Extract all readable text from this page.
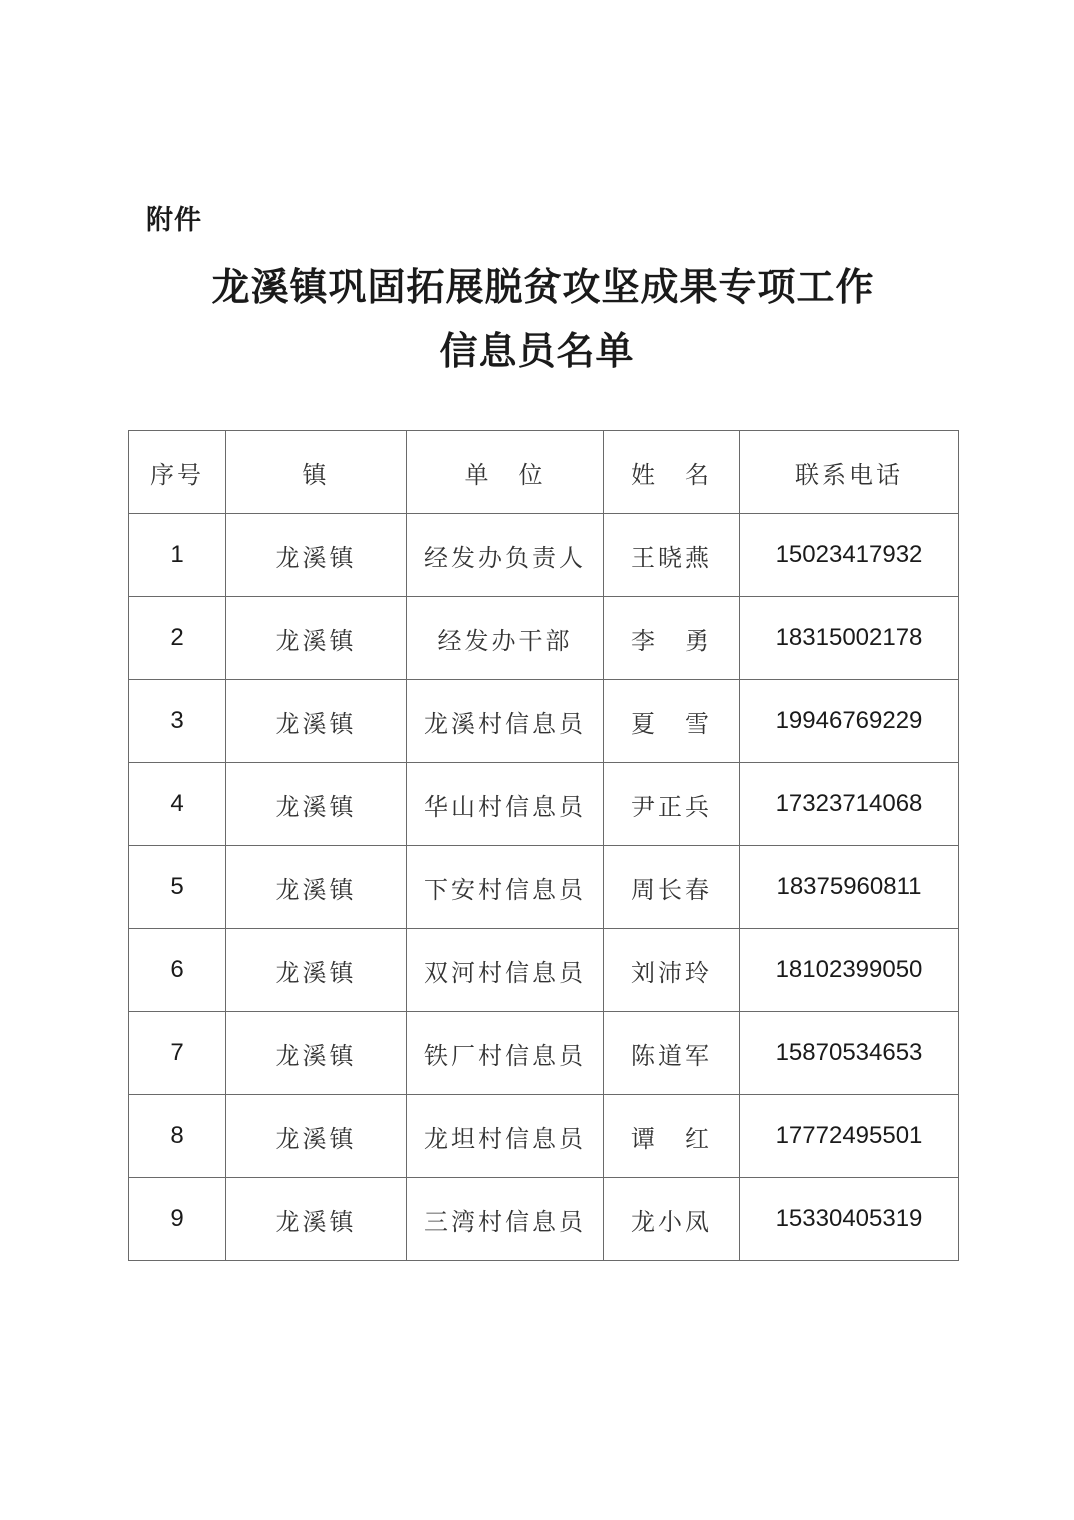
附件
龙溪镇巩固拓展脱贫攻坚成果专项工作
信息员名单
序号	镇	单　位	姓　名	联系电话
1	龙溪镇	经发办负责人	王晓燕	15023417932
2	龙溪镇	经发办干部	李　勇	18315002178
3	龙溪镇	龙溪村信息员	夏　雪	19946769229
4	龙溪镇	华山村信息员	尹正兵	17323714068
5	龙溪镇	下安村信息员	周长春	18375960811
6	龙溪镇	双河村信息员	刘沛玲	18102399050
7	龙溪镇	铁厂村信息员	陈道军	15870534653
8	龙溪镇	龙坦村信息员	谭　红	17772495501
9	龙溪镇	三湾村信息员	龙小凤	15330405319
